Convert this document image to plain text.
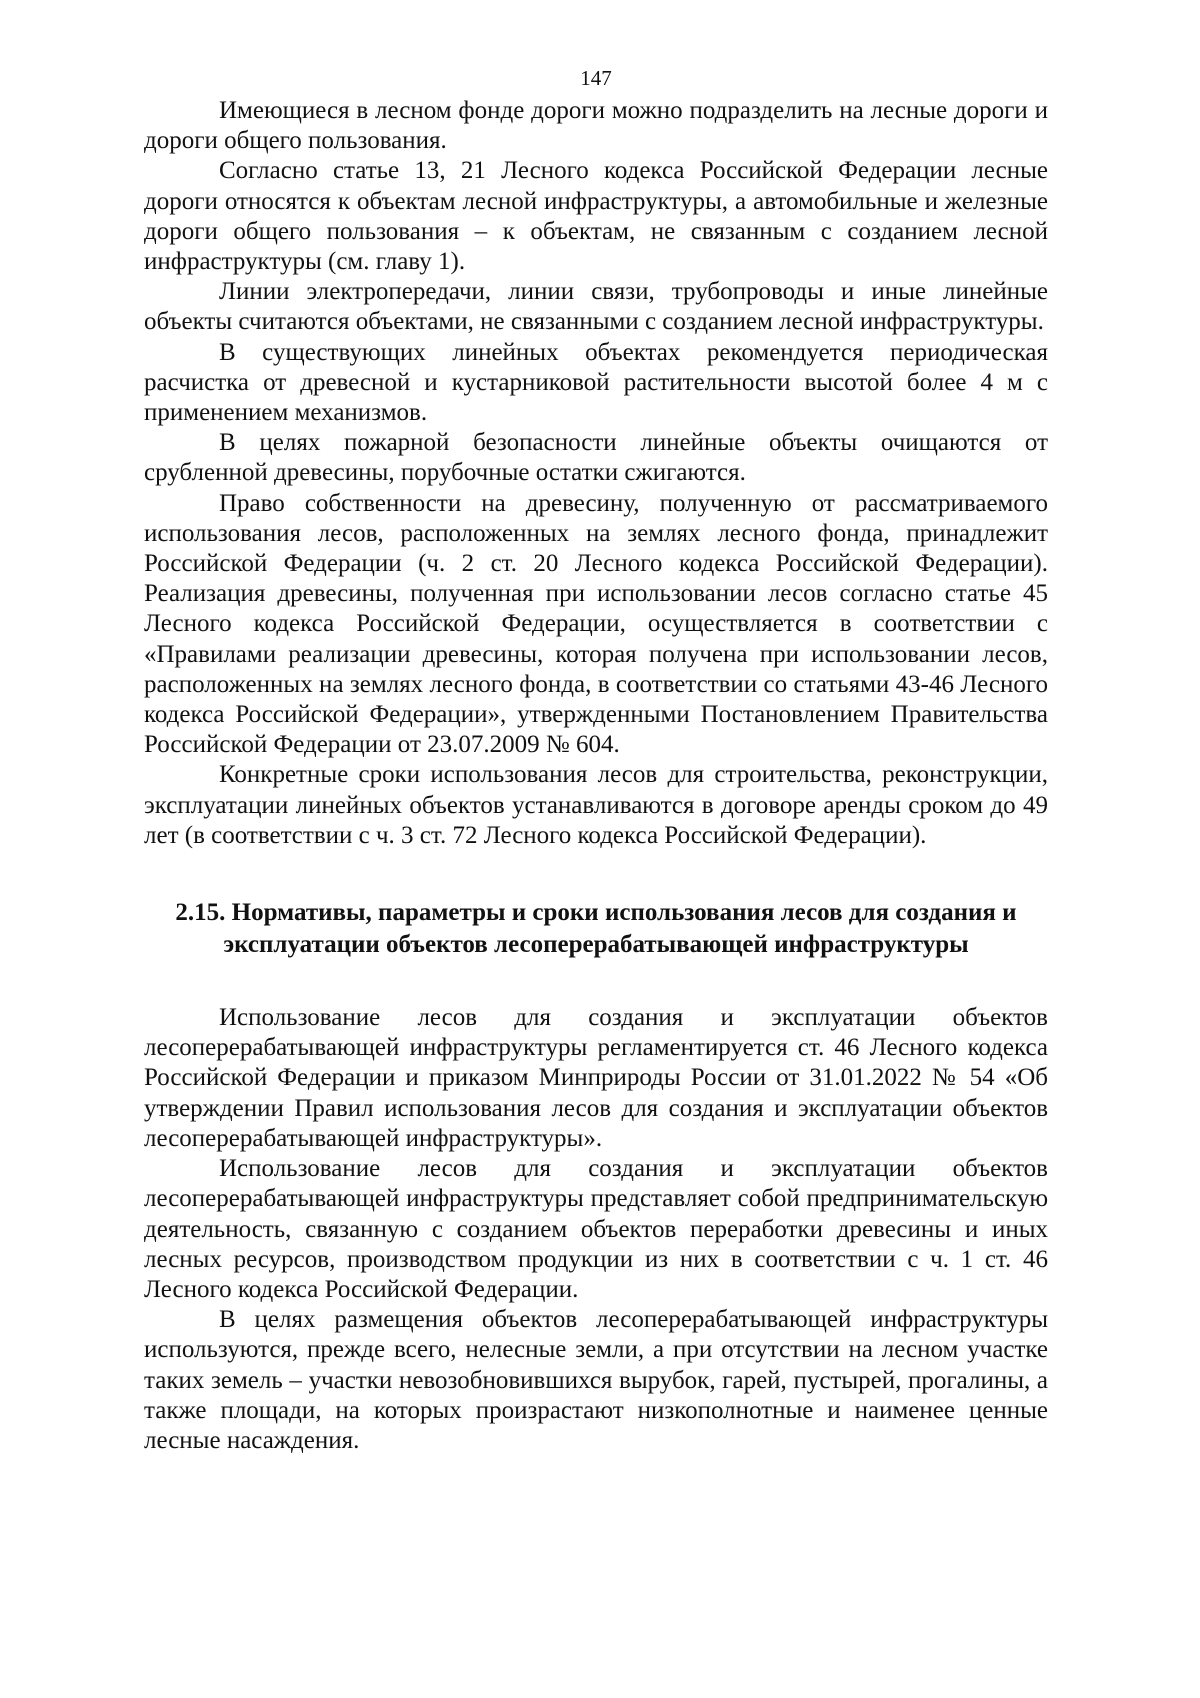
147

Имеющиеся в лесном фонде дороги можно подразделить на лесные дороги и дороги общего пользования.

Согласно статье 13, 21 Лесного кодекса Российской Федерации лесные дороги относятся к объектам лесной инфраструктуры, а автомобильные и железные дороги общего пользования – к объектам, не связанным с созданием лесной инфраструктуры (см. главу 1).

Линии электропередачи, линии связи, трубопроводы и иные линейные объекты считаются объектами, не связанными с созданием лесной инфраструктуры.

В существующих линейных объектах рекомендуется периодическая расчистка от древесной и кустарниковой растительности высотой более 4 м с применением механизмов.

В целях пожарной безопасности линейные объекты очищаются от срубленной древесины, порубочные остатки сжигаются.

Право собственности на древесину, полученную от рассматриваемого использования лесов, расположенных на землях лесного фонда, принадлежит Российской Федерации (ч. 2 ст. 20 Лесного кодекса Российской Федерации). Реализация древесины, полученная при использовании лесов согласно статье 45 Лесного кодекса Российской Федерации, осуществляется в соответствии с «Правилами реализации древесины, которая получена при использовании лесов, расположенных на землях лесного фонда, в соответствии со статьями 43-46 Лесного кодекса Российской Федерации», утвержденными Постановлением Правительства Российской Федерации от 23.07.2009 № 604.

Конкретные сроки использования лесов для строительства, реконструкции, эксплуатации линейных объектов устанавливаются в договоре аренды сроком до 49 лет (в соответствии с ч. 3 ст. 72 Лесного кодекса Российской Федерации).

2.15. Нормативы, параметры и сроки использования лесов для создания и
эксплуатации объектов лесоперерабатывающей инфраструктуры

Использование лесов для создания и эксплуатации объектов лесоперерабатывающей инфраструктуры регламентируется ст. 46 Лесного кодекса Российской Федерации и приказом Минприроды России от 31.01.2022 № 54 «Об утверждении Правил использования лесов для создания и эксплуатации объектов лесоперерабатывающей инфраструктуры».

Использование лесов для создания и эксплуатации объектов лесоперерабатывающей инфраструктуры представляет собой предпринимательскую деятельность, связанную с созданием объектов переработки древесины и иных лесных ресурсов, производством продукции из них в соответствии с ч. 1 ст. 46 Лесного кодекса Российской Федерации.

В целях размещения объектов лесоперерабатывающей инфраструктуры используются, прежде всего, нелесные земли, а при отсутствии на лесном участке таких земель – участки невозобновившихся вырубок, гарей, пустырей, прогалины, а также площади, на которых произрастают низкополнотные и наименее ценные лесные насаждения.
